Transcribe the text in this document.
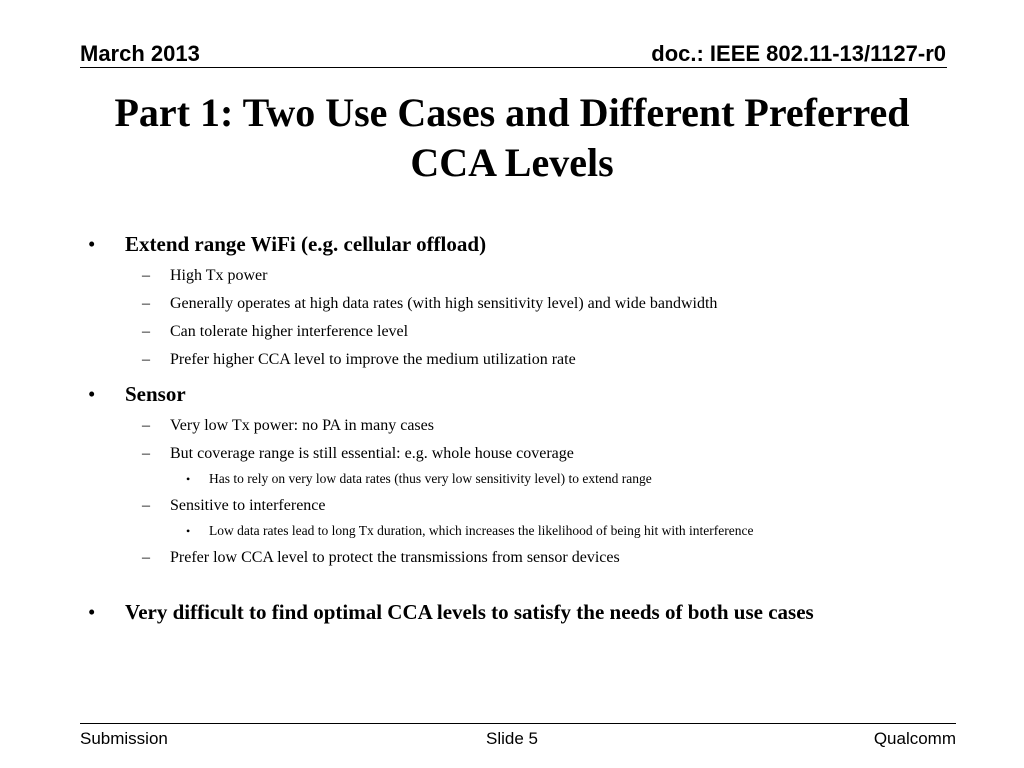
March 2013	doc.: IEEE 802.11-13/1127-r0
Part 1: Two Use Cases and Different Preferred CCA Levels
• Extend range WiFi (e.g. cellular offload)
– High Tx power
– Generally operates at high data rates (with high sensitivity level) and wide bandwidth
– Can tolerate higher interference level
– Prefer higher CCA level to improve the medium utilization rate
• Sensor
– Very low Tx power: no PA in many cases
– But coverage range is still essential: e.g. whole house coverage
• Has to rely on very low data rates (thus very low sensitivity level) to extend range
– Sensitive to interference
• Low data rates lead to long Tx duration, which increases the likelihood of being hit with interference
– Prefer low CCA level to protect the transmissions from sensor devices
• Very difficult to find optimal CCA levels to satisfy the needs of both use cases
Submission	Slide 5	Qualcomm
